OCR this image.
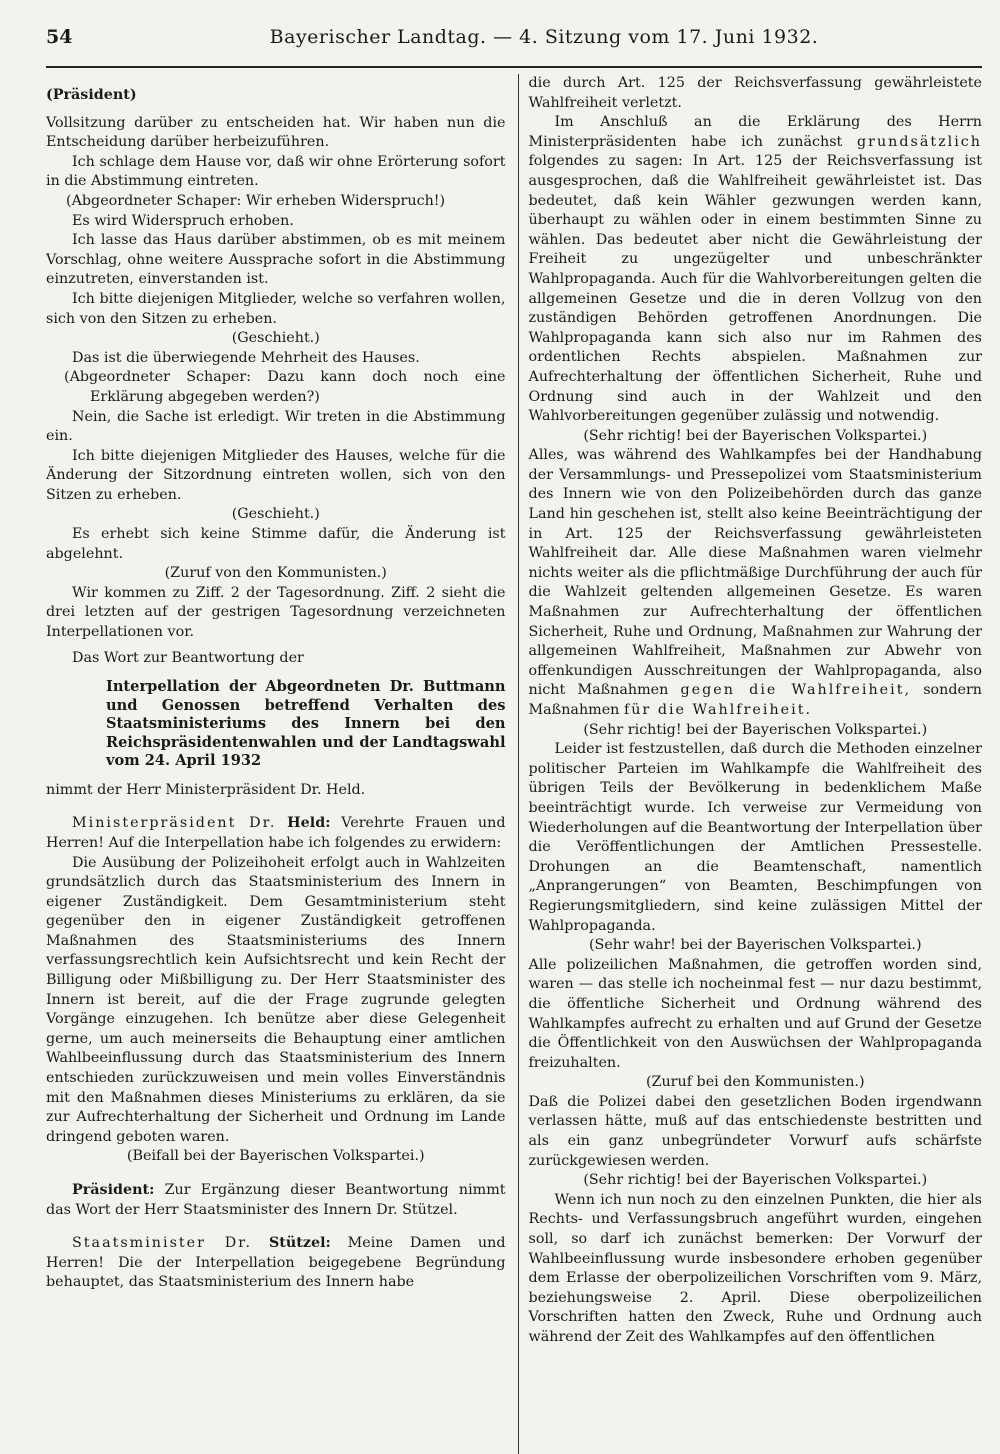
54	Bayerischer Landtag. — 4. Sitzung vom 17. Juni 1932.

(Präsident)

Vollsitzung darüber zu entscheiden hat. Wir haben nun die Entscheidung darüber herbeizuführen.

Ich schlage dem Hause vor, daß wir ohne Erörterung sofort in die Abstimmung eintreten.

(Abgeordneter Schaper: Wir erheben Widerspruch!)

Es wird Widerspruch erhoben.

Ich lasse das Haus darüber abstimmen, ob es mit meinem Vorschlag, ohne weitere Aussprache sofort in die Abstimmung einzutreten, einverstanden ist.

Ich bitte diejenigen Mitglieder, welche so verfahren wollen, sich von den Sitzen zu erheben.

(Geschieht.)

Das ist die überwiegende Mehrheit des Hauses.

(Abgeordneter Schaper: Dazu kann doch noch eine Erklärung abgegeben werden?)

Nein, die Sache ist erledigt. Wir treten in die Abstimmung ein.

Ich bitte diejenigen Mitglieder des Hauses, welche für die Änderung der Sitzordnung eintreten wollen, sich von den Sitzen zu erheben.

(Geschieht.)

Es erhebt sich keine Stimme dafür, die Änderung ist abgelehnt.

(Zuruf von den Kommunisten.)

Wir kommen zu Ziff. 2 der Tagesordnung. Ziff. 2 sieht die drei letzten auf der gestrigen Tagesordnung verzeichneten Interpellationen vor.

Das Wort zur Beantwortung der

Interpellation der Abgeordneten Dr. Buttmann und Genossen betreffend Verhalten des Staatsministeriums des Innern bei den Reichspräsidentenwahlen und der Landtagswahl vom 24. April 1932

nimmt der Herr Ministerpräsident Dr. Held.

Ministerpräsident Dr. Held: Verehrte Frauen und Herren! Auf die Interpellation habe ich folgendes zu erwidern:

Die Ausübung der Polizeihoheit erfolgt auch in Wahlzeiten grundsätzlich durch das Staatsministerium des Innern in eigener Zuständigkeit. Dem Gesamtministerium steht gegenüber den in eigener Zuständigkeit getroffenen Maßnahmen des Staatsministeriums des Innern verfassungsrechtlich kein Aufsichtsrecht und kein Recht der Billigung oder Mißbilligung zu. Der Herr Staatsminister des Innern ist bereit, auf die der Frage zugrunde gelegten Vorgänge einzugehen. Ich benütze aber diese Gelegenheit gerne, um auch meinerseits die Behauptung einer amtlichen Wahlbeeinflussung durch das Staatsministerium des Innern entschieden zurückzuweisen und mein volles Einverständnis mit den Maßnahmen dieses Ministeriums zu erklären, da sie zur Aufrechterhaltung der Sicherheit und Ordnung im Lande dringend geboten waren.

(Beifall bei der Bayerischen Volkspartei.)

Präsident: Zur Ergänzung dieser Beantwortung nimmt das Wort der Herr Staatsminister des Innern Dr. Stützel.

Staatsminister Dr. Stützel: Meine Damen und Herren! Die der Interpellation beigegebene Begründung behauptet, das Staatsministerium des Innern habe

die durch Art. 125 der Reichsverfassung gewährleistete Wahlfreiheit verletzt.

Im Anschluß an die Erklärung des Herrn Ministerpräsidenten habe ich zunächst grundsätzlich folgendes zu sagen: In Art. 125 der Reichsverfassung ist ausgesprochen, daß die Wahlfreiheit gewährleistet ist. Das bedeutet, daß kein Wähler gezwungen werden kann, überhaupt zu wählen oder in einem bestimmten Sinne zu wählen. Das bedeutet aber nicht die Gewährleistung der Freiheit zu ungezügelter und unbeschränkter Wahlpropaganda. Auch für die Wahlvorbereitungen gelten die allgemeinen Gesetze und die in deren Vollzug von den zuständigen Behörden getroffenen Anordnungen. Die Wahlpropaganda kann sich also nur im Rahmen des ordentlichen Rechts abspielen. Maßnahmen zur Aufrechterhaltung der öffentlichen Sicherheit, Ruhe und Ordnung sind auch in der Wahlzeit und den Wahlvorbereitungen gegenüber zulässig und notwendig.

(Sehr richtig! bei der Bayerischen Volkspartei.)

Alles, was während des Wahlkampfes bei der Handhabung der Versammlungs- und Pressepolizei vom Staatsministerium des Innern wie von den Polizeibehörden durch das ganze Land hin geschehen ist, stellt also keine Beeinträchtigung der in Art. 125 der Reichsverfassung gewährleisteten Wahlfreiheit dar. Alle diese Maßnahmen waren vielmehr nichts weiter als die pflichtmäßige Durchführung der auch für die Wahlzeit geltenden allgemeinen Gesetze. Es waren Maßnahmen zur Aufrechterhaltung der öffentlichen Sicherheit, Ruhe und Ordnung, Maßnahmen zur Wahrung der allgemeinen Wahlfreiheit, Maßnahmen zur Abwehr von offenkundigen Ausschreitungen der Wahlpropaganda, also nicht Maßnahmen gegen die Wahlfreiheit, sondern Maßnahmen für die Wahlfreiheit.

(Sehr richtig! bei der Bayerischen Volkspartei.)

Leider ist festzustellen, daß durch die Methoden einzelner politischer Parteien im Wahlkampfe die Wahlfreiheit des übrigen Teils der Bevölkerung in bedenklichem Maße beeinträchtigt wurde. Ich verweise zur Vermeidung von Wiederholungen auf die Beantwortung der Interpellation über die Veröffentlichungen der Amtlichen Pressestelle. Drohungen an die Beamtenschaft, namentlich „Anprangerungen“ von Beamten, Beschimpfungen von Regierungsmitgliedern, sind keine zulässigen Mittel der Wahlpropaganda.

(Sehr wahr! bei der Bayerischen Volkspartei.)

Alle polizeilichen Maßnahmen, die getroffen worden sind, waren — das stelle ich nocheinmal fest — nur dazu bestimmt, die öffentliche Sicherheit und Ordnung während des Wahlkampfes aufrecht zu erhalten und auf Grund der Gesetze die Öffentlichkeit von den Auswüchsen der Wahlpropaganda freizuhalten.

(Zuruf bei den Kommunisten.)

Daß die Polizei dabei den gesetzlichen Boden irgendwann verlassen hätte, muß auf das entschiedenste bestritten und als ein ganz unbegründeter Vorwurf aufs schärfste zurückgewiesen werden.

(Sehr richtig! bei der Bayerischen Volkspartei.)

Wenn ich nun noch zu den einzelnen Punkten, die hier als Rechts- und Verfassungsbruch angeführt wurden, eingehen soll, so darf ich zunächst bemerken: Der Vorwurf der Wahlbeeinflussung wurde insbesondere erhoben gegenüber dem Erlasse der oberpolizeilichen Vorschriften vom 9. März, beziehungsweise 2. April. Diese oberpolizeilichen Vorschriften hatten den Zweck, Ruhe und Ordnung auch während der Zeit des Wahlkampfes auf den öffentlichen
